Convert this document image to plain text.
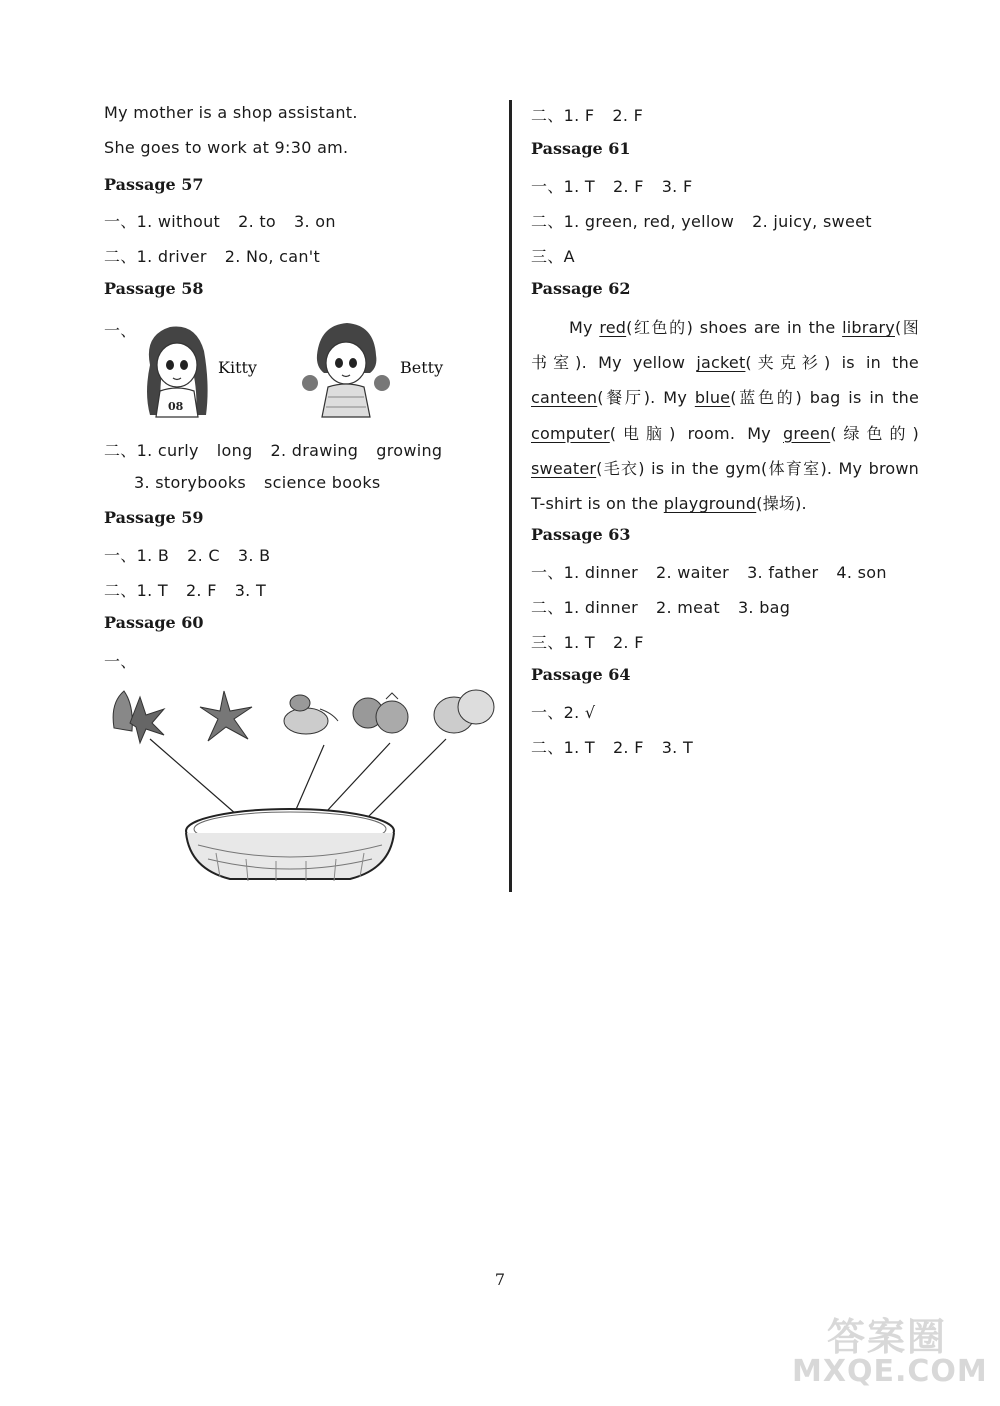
My mother is a shop assistant.
She goes to work at 9:30 am.
Passage 57
一、1. without 2. to 3. on
二、1. driver 2. No, can't
Passage 58
一、
08
Kitty	Betty
二、1. curly long 2. drawing growing
3. storybooks science books
Passage 59
一、1. B 2. C 3. B
二、1. T 2. F 3. T
Passage 60
一、
二、1. F 2. F
Passage 61
一、1. T 2. F 3. F
二、1. green, red, yellow 2. juicy, sweet
三、A
Passage 62
My red(红色的) shoes are in the library(图书室). My yellow jacket(夹克衫) is in the canteen(餐厅). My blue(蓝色的) bag is in the computer(电脑) room. My green(绿色的) sweater(毛衣) is in the gym(体育室). My brown T-shirt is on the playground(操场).
Passage 63
一、1. dinner 2. waiter 3. father 4. son
二、1. dinner 2. meat 3. bag
三、1. T 2. F
Passage 64
一、2. √
二、1. T 2. F 3. T
7
答案圈
MXQE.COM
